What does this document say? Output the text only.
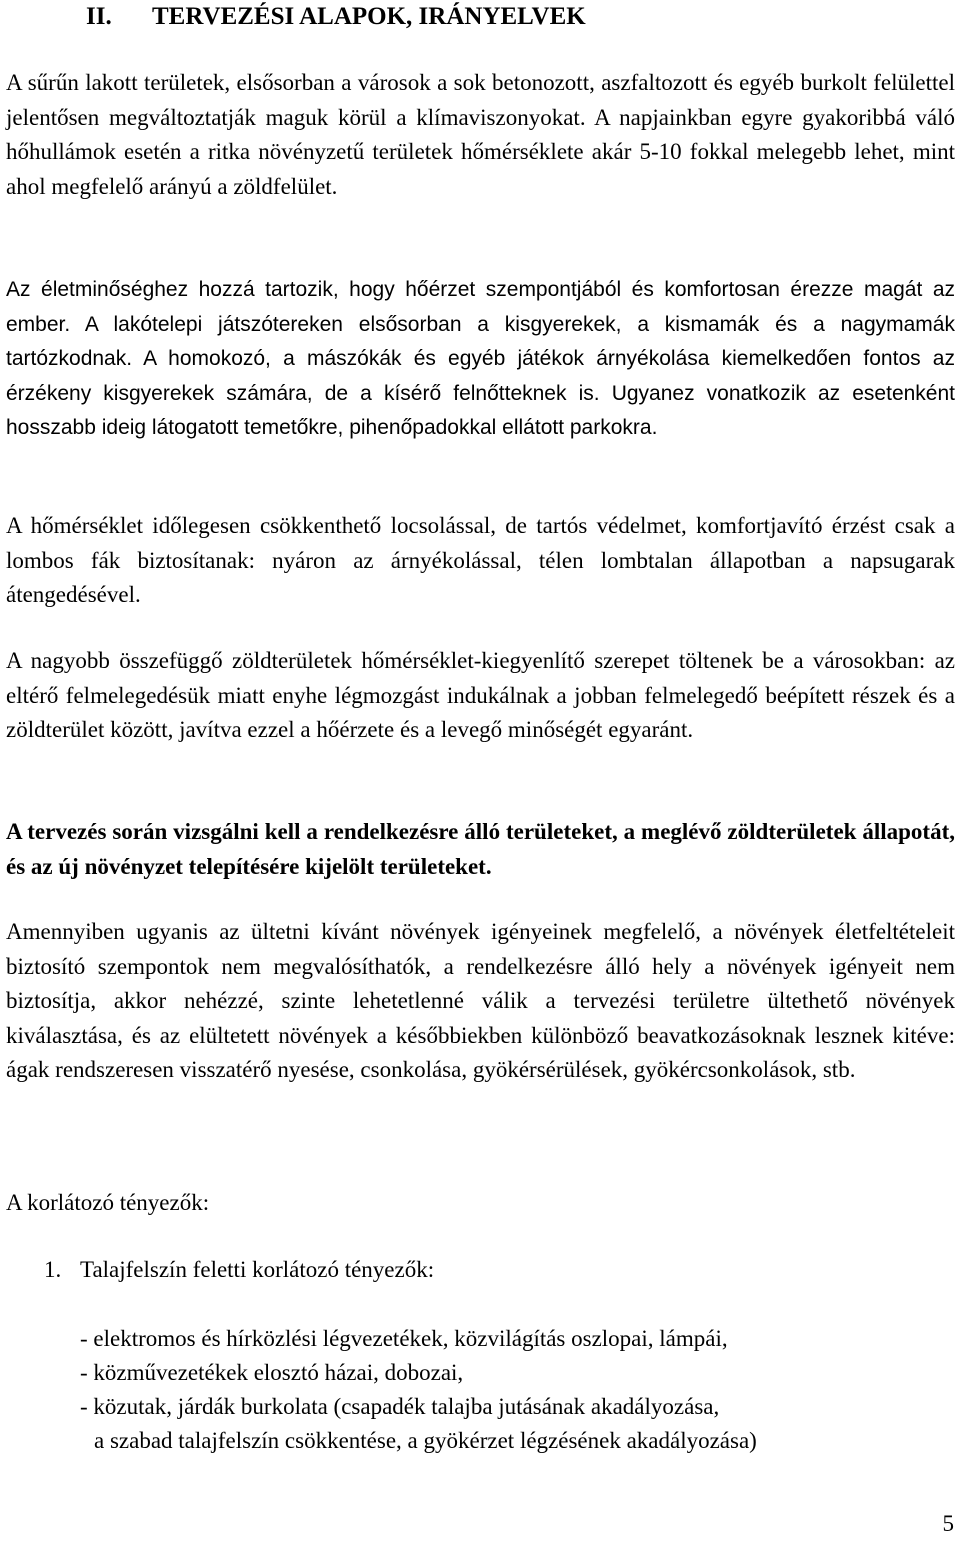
II. TERVEZÉSI ALAPOK, IRÁNYELVEK

A sűrűn lakott területek, elsősorban a városok a sok betonozott, aszfaltozott és egyéb burkolt felülettel jelentősen megváltoztatják maguk körül a klímaviszonyokat. A napjainkban egyre gyakoribbá váló hőhullámok esetén a ritka növényzetű területek hőmérséklete akár 5-10 fokkal melegebb lehet, mint ahol megfelelő arányú a zöldfelület.

Az életminőséghez hozzá tartozik, hogy hőérzet szempontjából és komfortosan érezze magát az ember. A lakótelepi játszótereken elsősorban a kisgyerekek, a kismamák és a nagymamák tartózkodnak. A homokozó, a mászókák és egyéb játékok árnyékolása kiemelkedően fontos az érzékeny kisgyerekek számára, de a kísérő felnőtteknek is. Ugyanez vonatkozik az esetenként hosszabb ideig látogatott temetőkre, pihenőpadokkal ellátott parkokra.

A hőmérséklet időlegesen csökkenthető locsolással, de tartós védelmet, komfortjavító érzést csak a lombos fák biztosítanak: nyáron az árnyékolással, télen lombtalan állapotban a napsugarak átengedésével.

A nagyobb összefüggő zöldterületek hőmérséklet-kiegyenlítő szerepet töltenek be a városokban: az eltérő felmelegedésük miatt enyhe légmozgást indukálnak a jobban felmelegedő beépített részek és a zöldterület között, javítva ezzel a hőérzete és a levegő minőségét egyaránt.

A tervezés során vizsgálni kell a rendelkezésre álló területeket, a meglévő zöldterületek állapotát, és az új növényzet telepítésére kijelölt területeket.

Amennyiben ugyanis az ültetni kívánt növények igényeinek megfelelő, a növények életfeltételeit biztosító szempontok nem megvalósíthatók, a rendelkezésre álló hely a növények igényeit nem biztosítja, akkor nehézzé, szinte lehetetlenné válik a tervezési területre ültethető növények kiválasztása, és az elültetett növények a későbbiekben különböző beavatkozásoknak lesznek kitéve: ágak rendszeresen visszatérő nyesése, csonkolása, gyökérsérülések, gyökércsonkolások, stb.

A korlátozó tényezők:

1. Talajfelszín feletti korlátozó tényezők:

- elektromos és hírközlési légvezetékek, közvilágítás oszlopai, lámpái,
- közművezetékek elosztó házai, dobozai,
- közutak, járdák burkolata (csapadék talajba jutásának akadályozása,
a szabad talajfelszín csökkentése, a gyökérzet légzésének akadályozása)
5
